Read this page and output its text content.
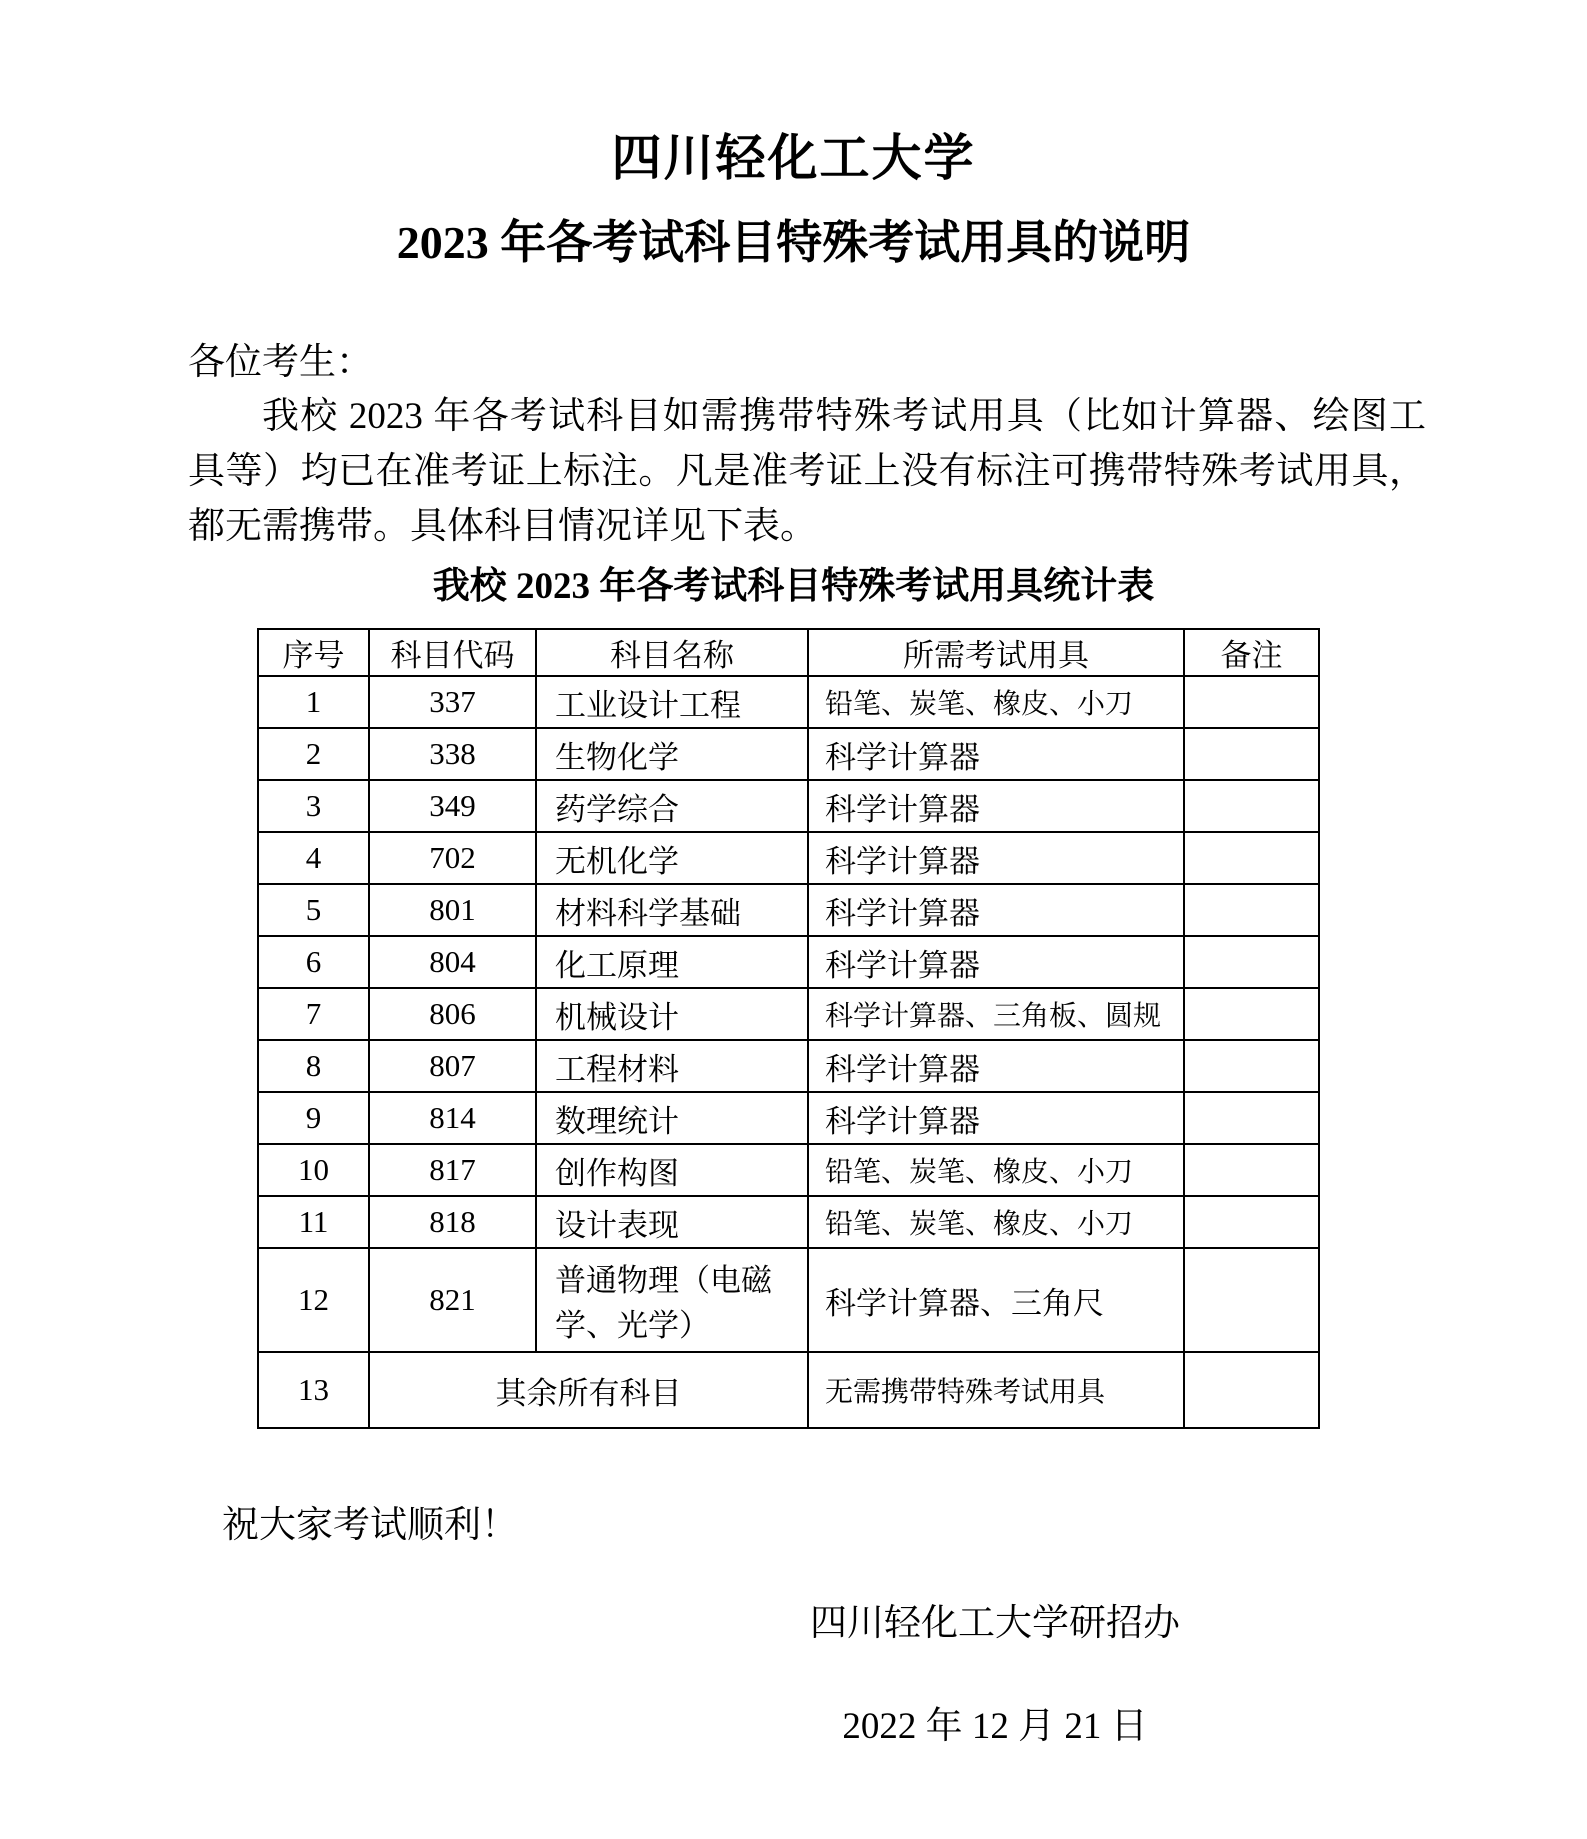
四川轻化工大学
2023 年各考试科目特殊考试用具的说明
各位考生：
我校 2023 年各考试科目如需携带特殊考试用具（比如计算器、绘图工具等）均已在准考证上标注。凡是准考证上没有标注可携带特殊考试用具，都无需携带。具体科目情况详见下表。
我校 2023 年各考试科目特殊考试用具统计表
序号	科目代码	科目名称	所需考试用具	备注
1	337	工业设计工程	铅笔、炭笔、橡皮、小刀	
2	338	生物化学	科学计算器	
3	349	药学综合	科学计算器	
4	702	无机化学	科学计算器	
5	801	材料科学基础	科学计算器	
6	804	化工原理	科学计算器	
7	806	机械设计	科学计算器、三角板、圆规	
8	807	工程材料	科学计算器	
9	814	数理统计	科学计算器	
10	817	创作构图	铅笔、炭笔、橡皮、小刀	
11	818	设计表现	铅笔、炭笔、橡皮、小刀	
12	821	普通物理（电磁学、光学）	科学计算器、三角尺	
13	其余所有科目		无需携带特殊考试用具	
祝大家考试顺利！
四川轻化工大学研招办
2022 年 12 月 21 日
